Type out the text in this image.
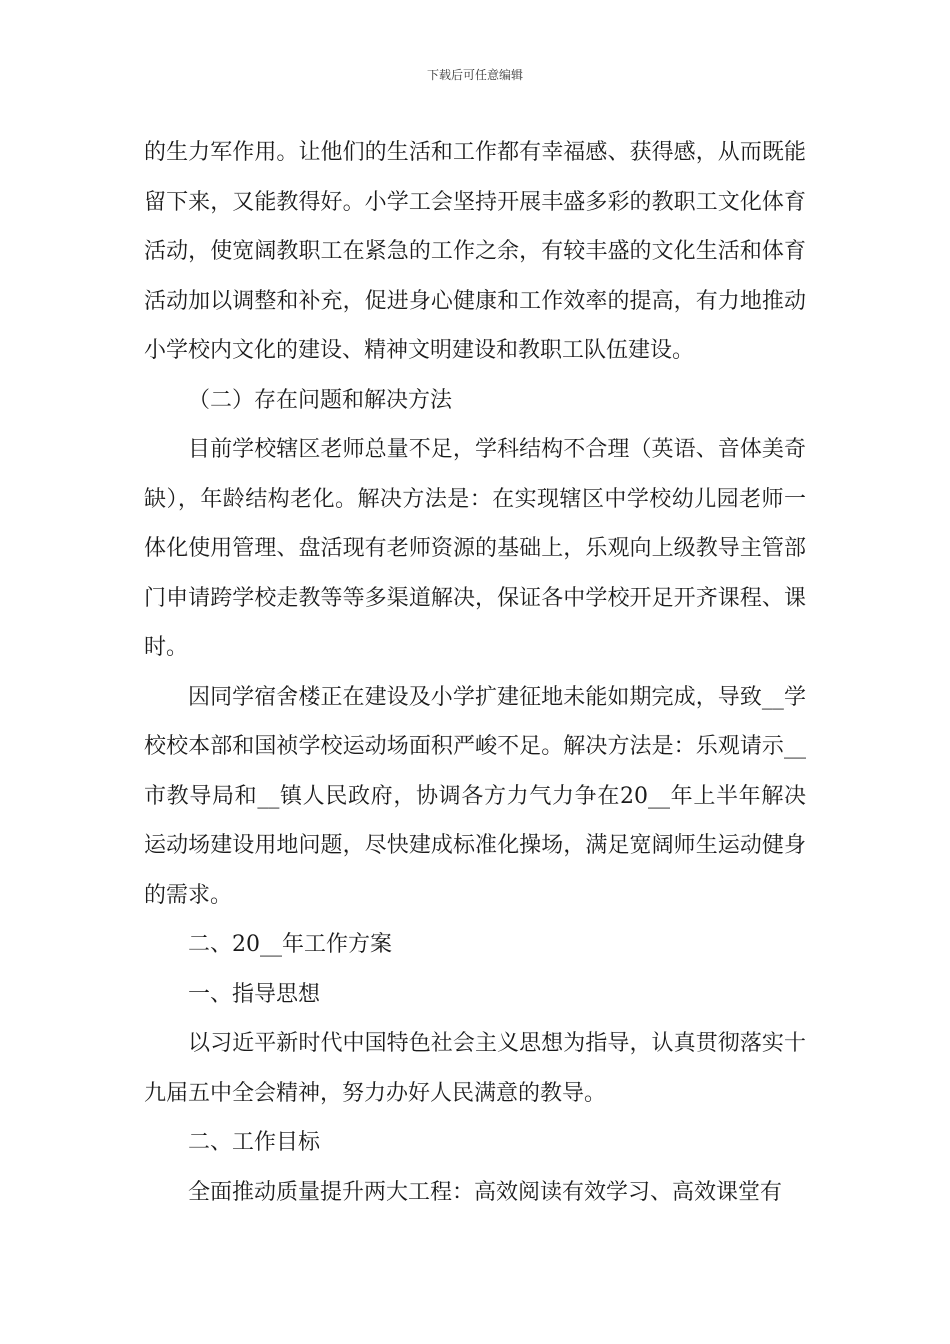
下载后可任意编辑

的生力军作用。让他们的生活和工作都有幸福感、获得感，从而既能留下来，又能教得好。小学工会坚持开展丰盛多彩的教职工文化体育活动，使宽阔教职工在紧急的工作之余，有较丰盛的文化生活和体育活动加以调整和补充，促进身心健康和工作效率的提高，有力地推动小学校内文化的建设、精神文明建设和教职工队伍建设。

（二）存在问题和解决方法

目前学校辖区老师总量不足，学科结构不合理（英语、音体美奇缺），年龄结构老化。解决方法是：在实现辖区中学校幼儿园老师一体化使用管理、盘活现有老师资源的基础上，乐观向上级教导主管部门申请跨学校走教等等多渠道解决，保证各中学校开足开齐课程、课时。

因同学宿舍楼正在建设及小学扩建征地未能如期完成，导致__学校校本部和国祯学校运动场面积严峻不足。解决方法是：乐观请示__市教导局和__镇人民政府，协调各方力气力争在20__年上半年解决运动场建设用地问题，尽快建成标准化操场，满足宽阔师生运动健身的需求。

二、20__年工作方案

一、指导思想

以习近平新时代中国特色社会主义思想为指导，认真贯彻落实十九届五中全会精神，努力办好人民满意的教导。

二、工作目标

全面推动质量提升两大工程：高效阅读有效学习、高效课堂有
